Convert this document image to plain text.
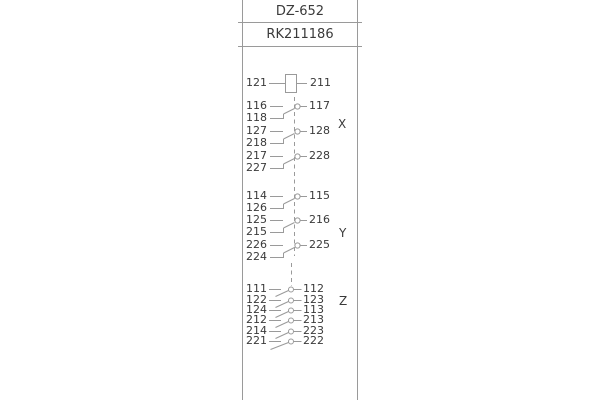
DZ-652
RK211186
121	211
116
118
117
127
218
128
217
227
228
X
114
126
115
125
215
216
226
224
225
Y
111	112
122	123
124	113
212	213
214	223
221	222
Z
